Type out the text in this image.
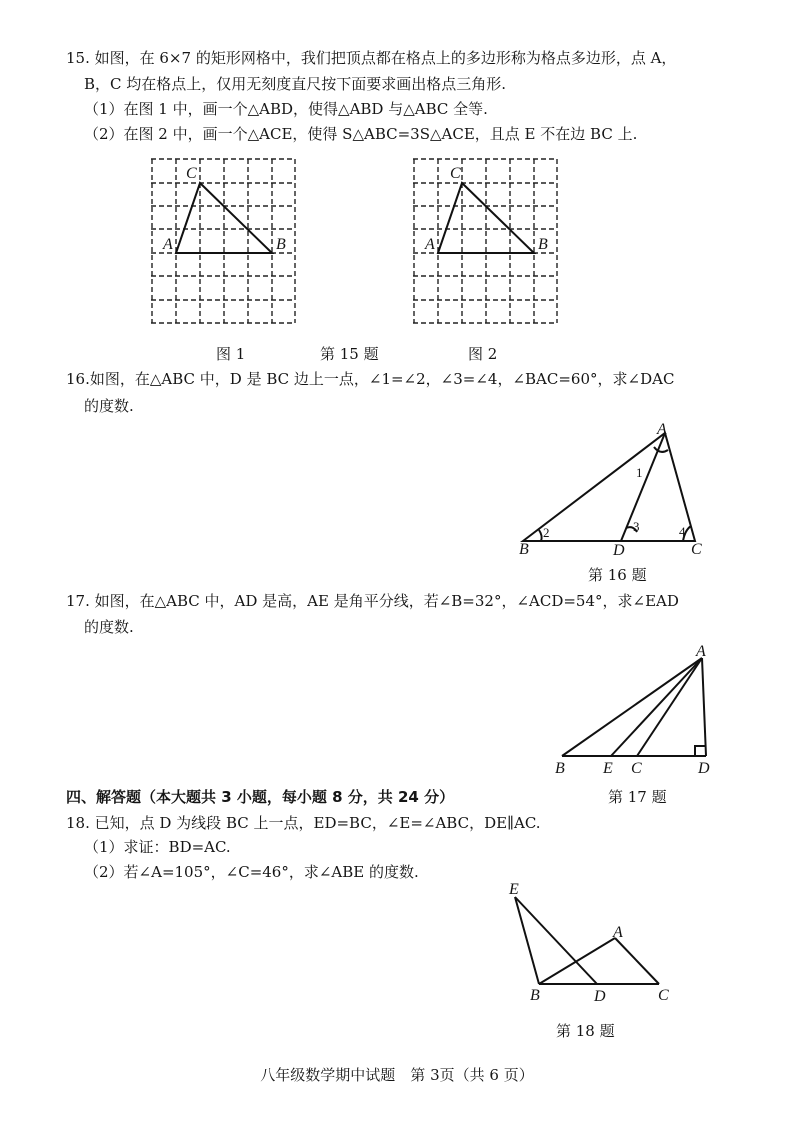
15. 如图，在 6×7 的矩形网格中，我们把顶点都在格点上的多边形称为格点多边形，点 A，
B，C 均在格点上，仅用无刻度直尺按下面要求画出格点三角形.
（1）在图 1 中，画一个△ABD，使得△ABD 与△ABC 全等.
（2）在图 2 中，画一个△ACE，使得 S△ABC=3S△ACE，且点 E 不在边 BC 上.
C
A	B
C
A	B
图 1	第 15 题	图 2
16.如图，在△ABC 中，D 是 BC 边上一点，∠1=∠2，∠3=∠4，∠BAC=60°，求∠DAC
的度数.
A
B	C
D
1
2	3	4
第 16 题
17. 如图，在△ABC 中，AD 是高，AE 是角平分线，若∠B=32°，∠ACD=54°，求∠EAD
的度数.
A
B E C	D
第 17 题
四、解答题（本大题共 3 小题，每小题 8 分，共 24 分）
18. 已知，点 D 为线段 BC 上一点，ED=BC，∠E=∠ABC，DE∥AC.
（1）求证：BD=AC.
（2）若∠A=105°，∠C=46°，求∠ABE 的度数.
E
A
B	D	C
第 18 题
八年级数学期中试题　第 3页（共 6 页）
